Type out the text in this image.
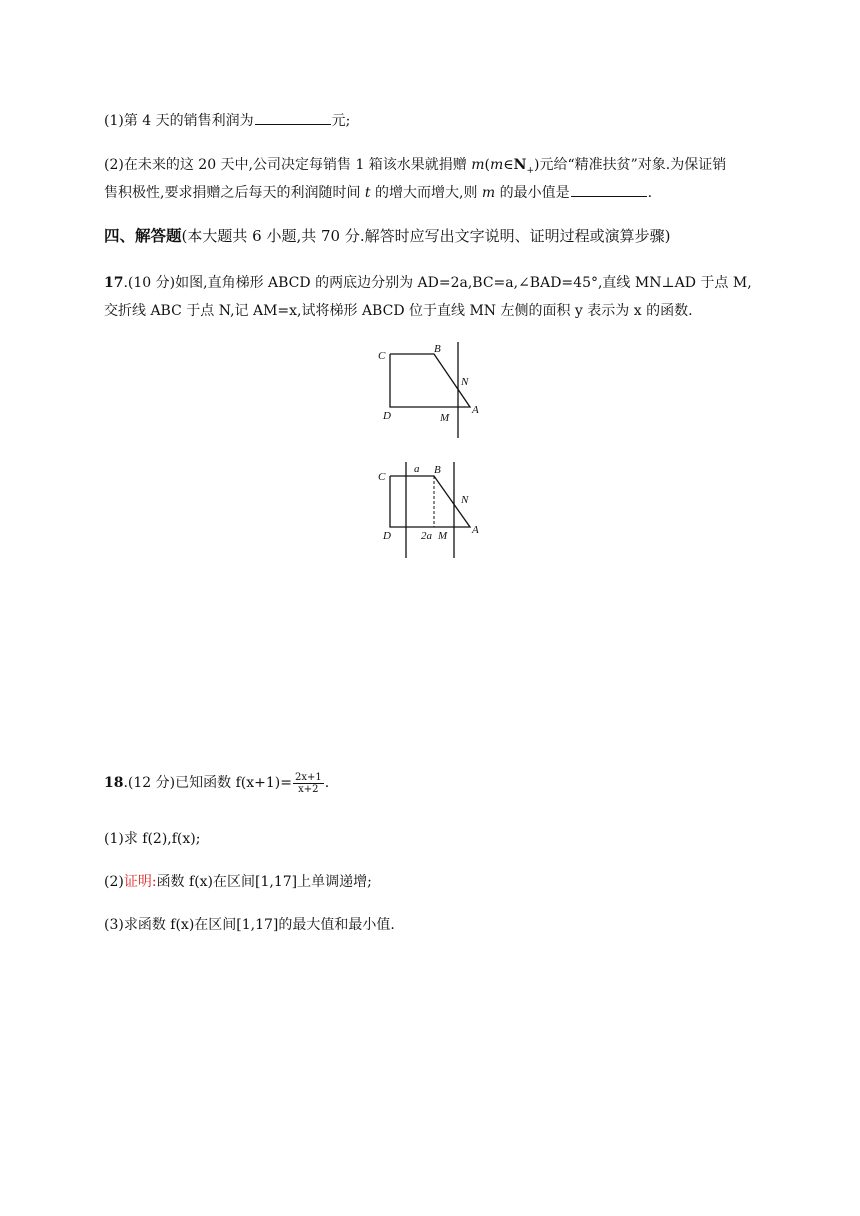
(1)第 4 天的销售利润为	元;
(2)在未来的这 20 天中,公司决定每销售 1 箱该水果就捐赠 $m(m\in N_+)$元给“精准扶贫”对象.为保证销
售积极性,要求捐赠之后每天的利润随时间 t 的增大而增大,则 m 的最小值是	.
四、解答题(本大题共 6 小题,共 70 分.解答时应写出文字说明、证明过程或演算步骤)
17.(10 分)如图,直角梯形 ABCD 的两底边分别为 AD=2a,BC=a,∠BAD=45°,直线 MN⊥AD 于点 M,
交折线 ABC 于点 N,记 AM=x,试将梯形 ABCD 位于直线 MN 左侧的面积 y 表示为 x 的函数.
C
B
N
D	M
A
C
a B
N
D	2a M A
18.(12 分)已知函数 $f(x+1)= \frac{2x+1}{x+2}$ .
(1)求 f(2),f(x);
(2)证明:函数 f(x)在区间[1,17]上单调递增;
(3)求函数 f(x)在区间[1,17]的最大值和最小值.
